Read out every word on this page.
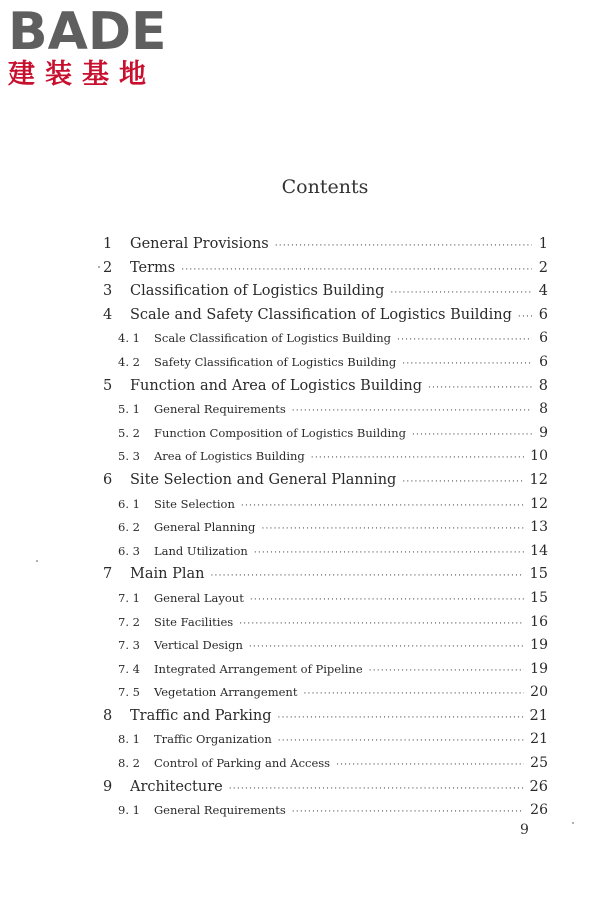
BADE
建装基地
Contents
1	General Provisions ·····	1
2	Terms ·····	2
3	Classification of Logistics Building ·····	4
4	Scale and Safety Classification of Logistics Building ·····	6
4. 1	Scale Classification of Logistics Building ·····	6
4. 2	Safety Classification of Logistics Building ·····	6
5	Function and Area of Logistics Building ·····	8
5. 1	General Requirements ·····	8
5. 2	Function Composition of Logistics Building ·····	9
5. 3	Area of Logistics Building ·····	10
6	Site Selection and General Planning ·····	12
6. 1	Site Selection ·····	12
6. 2	General Planning ·····	13
6. 3	Land Utilization ·····	14
7	Main Plan ·····	15
7. 1	General Layout ·····	15
7. 2	Site Facilities ·····	16
7. 3	Vertical Design ·····	19
7. 4	Integrated Arrangement of Pipeline ·····	19
7. 5	Vegetation Arrangement ·····	20
8	Traffic and Parking ·····	21
8. 1	Traffic Organization ·····	21
8. 2	Control of Parking and Access ·····	25
9	Architecture ·····	26
9. 1	General Requirements ·····	26
9
